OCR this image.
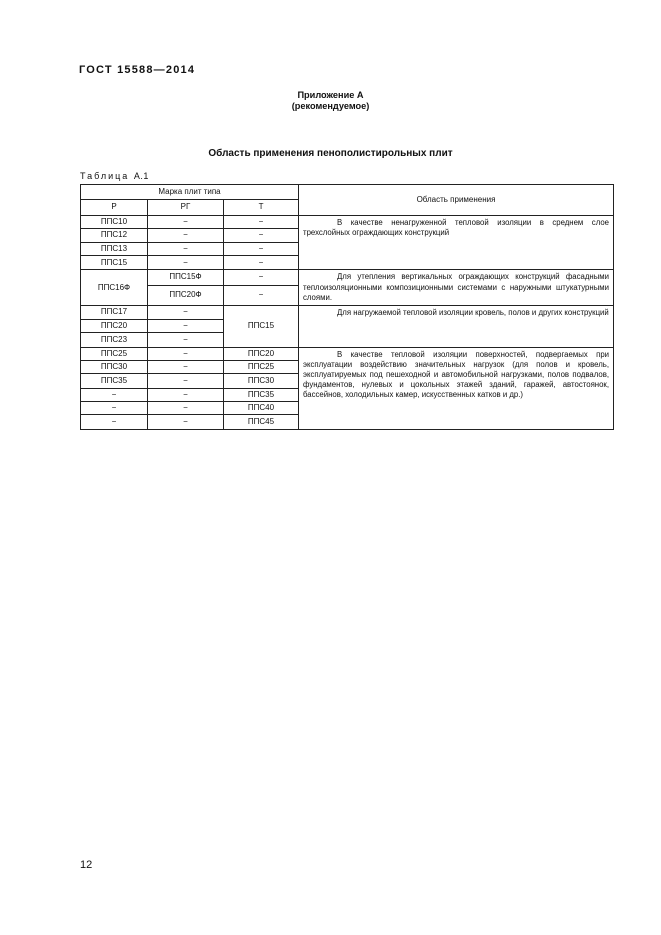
ГОСТ 15588—2014
Приложение А
(рекомендуемое)
Область применения пенополистирольных плит
Таблица А.1
Марка плит типа			Область применения
Р	РГ	Т	
ППС10	−	−	В качестве ненагруженной тепловой изоляции в среднем слое трехслойных ограждающих конструкций
ППС12	−	−	
ППС13	−	−	
ППС15	−	−	
ППС16Ф	ППС15Ф	−	Для утепления вертикальных ограждающих конструкций фасадными теплоизоляционными композиционными системами с наружными штукатурными слоями.
	ППС20Ф	−	
ППС17	−	ППС15	Для нагружаемой тепловой изоляции кровель, полов и других конструкций
ППС20	−		
ППС23	−		
ППС25	−	ППС20	В качестве тепловой изоляции поверхностей, подвергаемых при эксплуатации воздействию значительных нагрузок (для полов и кровель, эксплуатируемых под пешеходной и автомобильной нагрузками, полов подвалов, фундаментов, нулевых и цокольных этажей зданий, гаражей, автостоянок, бассейнов, холодильных камер, искусственных катков и др.)
ППС30	−	ППС25	
ППС35	−	ППС30	
−	−	ППС35	
−	−	ППС40	
−	−	ППС45	
12
